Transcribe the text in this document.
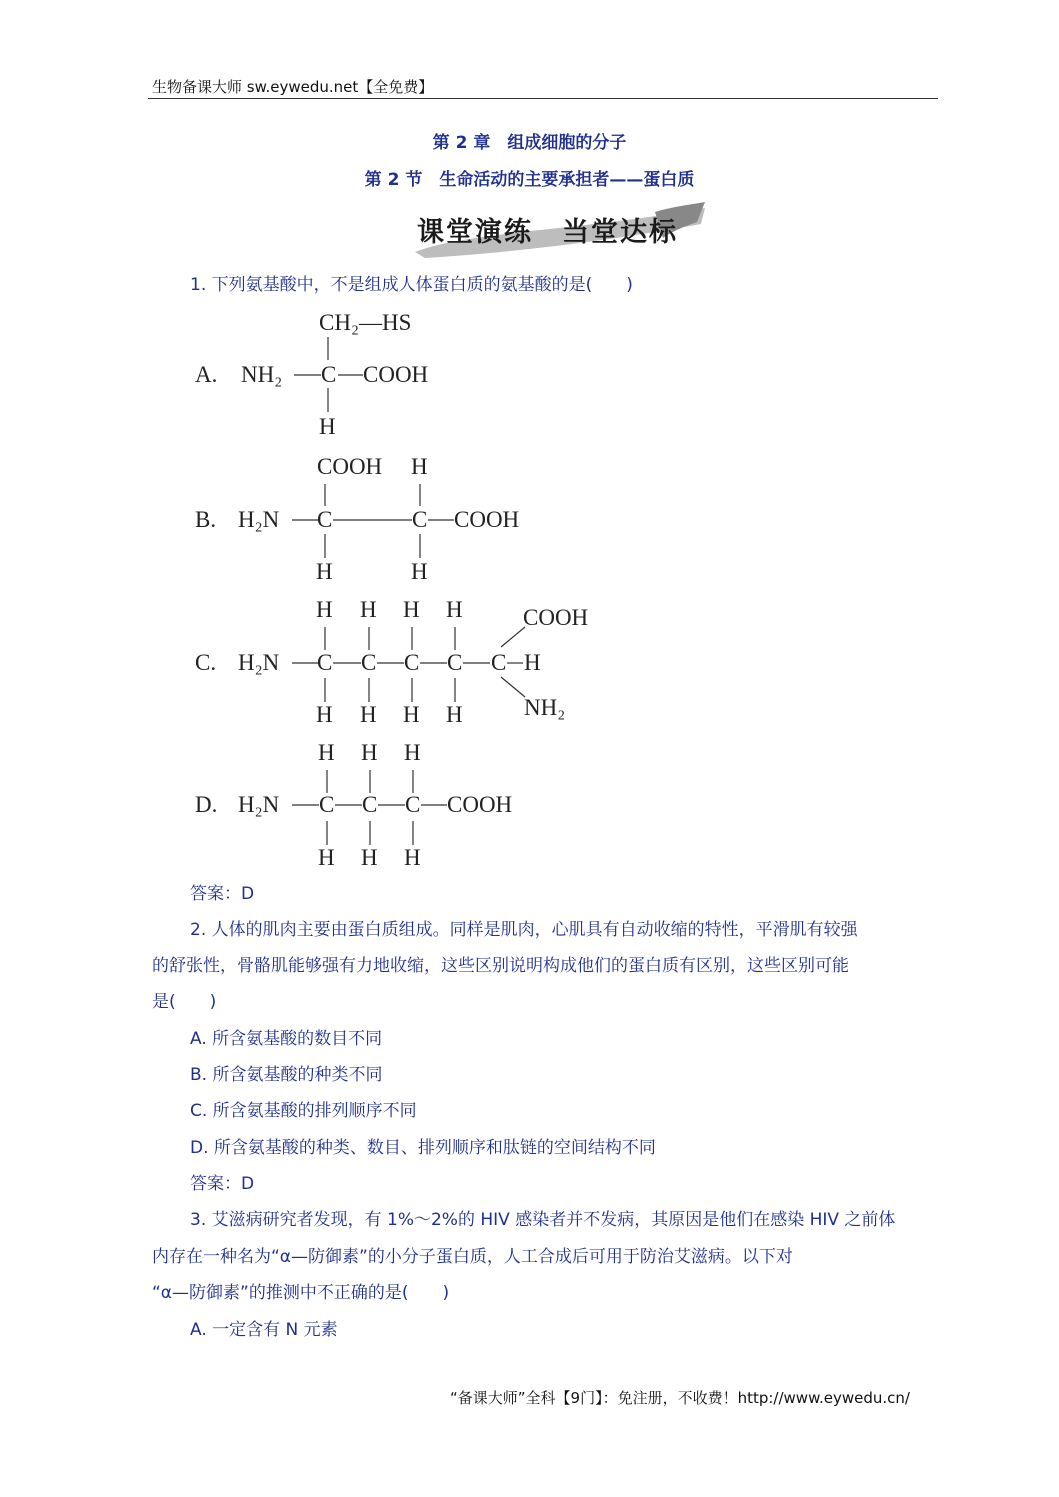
生物备课大师 sw.eywedu.net【全免费】
第 2 章　组成细胞的分子
第 2 节　生命活动的主要承担者——蛋白质
课堂演练　当堂达标
1. 下列氨基酸中，不是组成人体蛋白质的氨基酸的是(　　)
CH₂—HS
A. NH₂ C COOH
H
COOH H
B. H₂N C	C COOH
H	H
H H H H	COOH
C. H₂N C C C C C H
H H H H	NH₂
H H H
D. H₂N C C C COOH
H H H
答案：D
2. 人体的肌肉主要由蛋白质组成。同样是肌肉，心肌具有自动收缩的特性，平滑肌有较强
的舒张性，骨骼肌能够强有力地收缩，这些区别说明构成他们的蛋白质有区别，这些区别可能
是(　　)
A. 所含氨基酸的数目不同
B. 所含氨基酸的种类不同
C. 所含氨基酸的排列顺序不同
D. 所含氨基酸的种类、数目、排列顺序和肽链的空间结构不同
答案：D
3. 艾滋病研究者发现，有 1%～2%的 HIV 感染者并不发病，其原因是他们在感染 HIV 之前体
内存在一种名为“α—防御素”的小分子蛋白质，人工合成后可用于防治艾滋病。以下对
“α—防御素”的推测中不正确的是(　　)
A. 一定含有 N 元素
“备课大师”全科【9门】：免注册，不收费！http://www.eywedu.cn/
